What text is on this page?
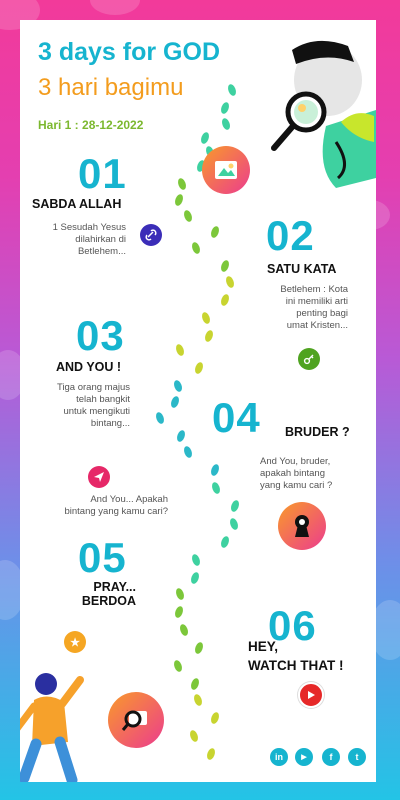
3 days for GOD
3 hari bagimu
Hari 1 : 28-12-2022
01
SABDA ALLAH
1 Sesudah Yesus
dilahirkan di
Betlehem...	02
SATU KATA
Betlehem : Kota
ini memiliki arti
penting bagi
umat Kristen...
03
AND YOU !
Tiga orang majus
telah bangkit
untuk mengikuti
bintang...
And You... Apakah
bintang yang kamu cari?
04 BRUDER ?
And You, bruder,
apakah bintang
yang kamu cari ?
05
PRAY...
BERDOA
★	06
HEY,
WATCH THAT !
in	▶	f	t
